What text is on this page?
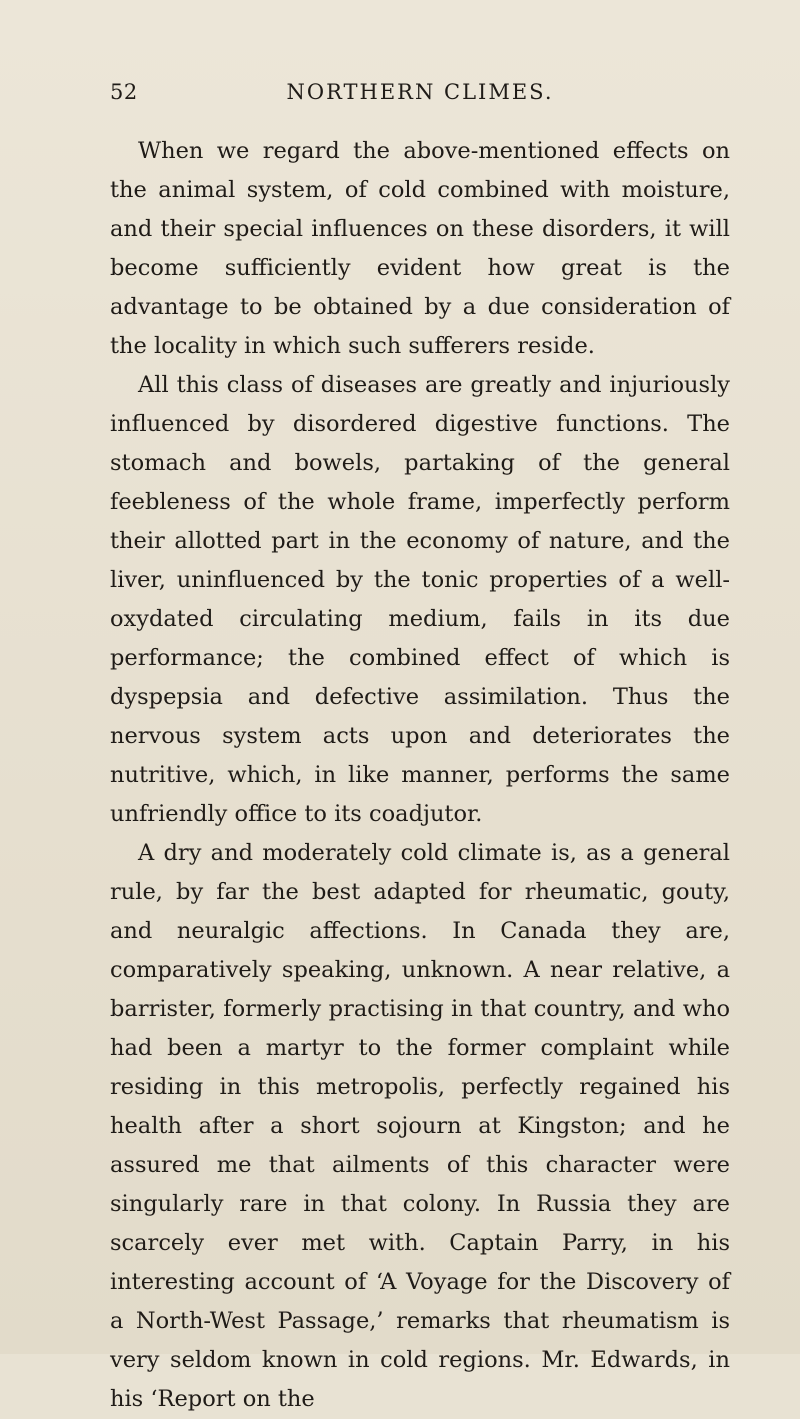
52	NORTHERN CLIMES.

When we regard the above-mentioned effects on the animal system, of cold combined with moisture, and their special influences on these disorders, it will become sufficiently evident how great is the advantage to be obtained by a due consideration of the locality in which such sufferers reside.

All this class of diseases are greatly and injuriously influenced by disordered digestive functions. The stomach and bowels, partaking of the general feebleness of the whole frame, imperfectly perform their allotted part in the economy of nature, and the liver, uninfluenced by the tonic properties of a well-oxydated circulating medium, fails in its due performance; the combined effect of which is dyspepsia and defective assimilation. Thus the nervous system acts upon and deteriorates the nutritive, which, in like manner, performs the same unfriendly office to its coadjutor.

A dry and moderately cold climate is, as a general rule, by far the best adapted for rheumatic, gouty, and neuralgic affections. In Canada they are, comparatively speaking, unknown. A near relative, a barrister, formerly practising in that country, and who had been a martyr to the former complaint while residing in this metropolis, perfectly regained his health after a short sojourn at Kingston; and he assured me that ailments of this character were singularly rare in that colony. In Russia they are scarcely ever met with. Captain Parry, in his interesting account of ‘A Voyage for the Discovery of a North-West Passage,’ remarks that rheumatism is very seldom known in cold regions. Mr. Edwards, in his ‘Report on the
